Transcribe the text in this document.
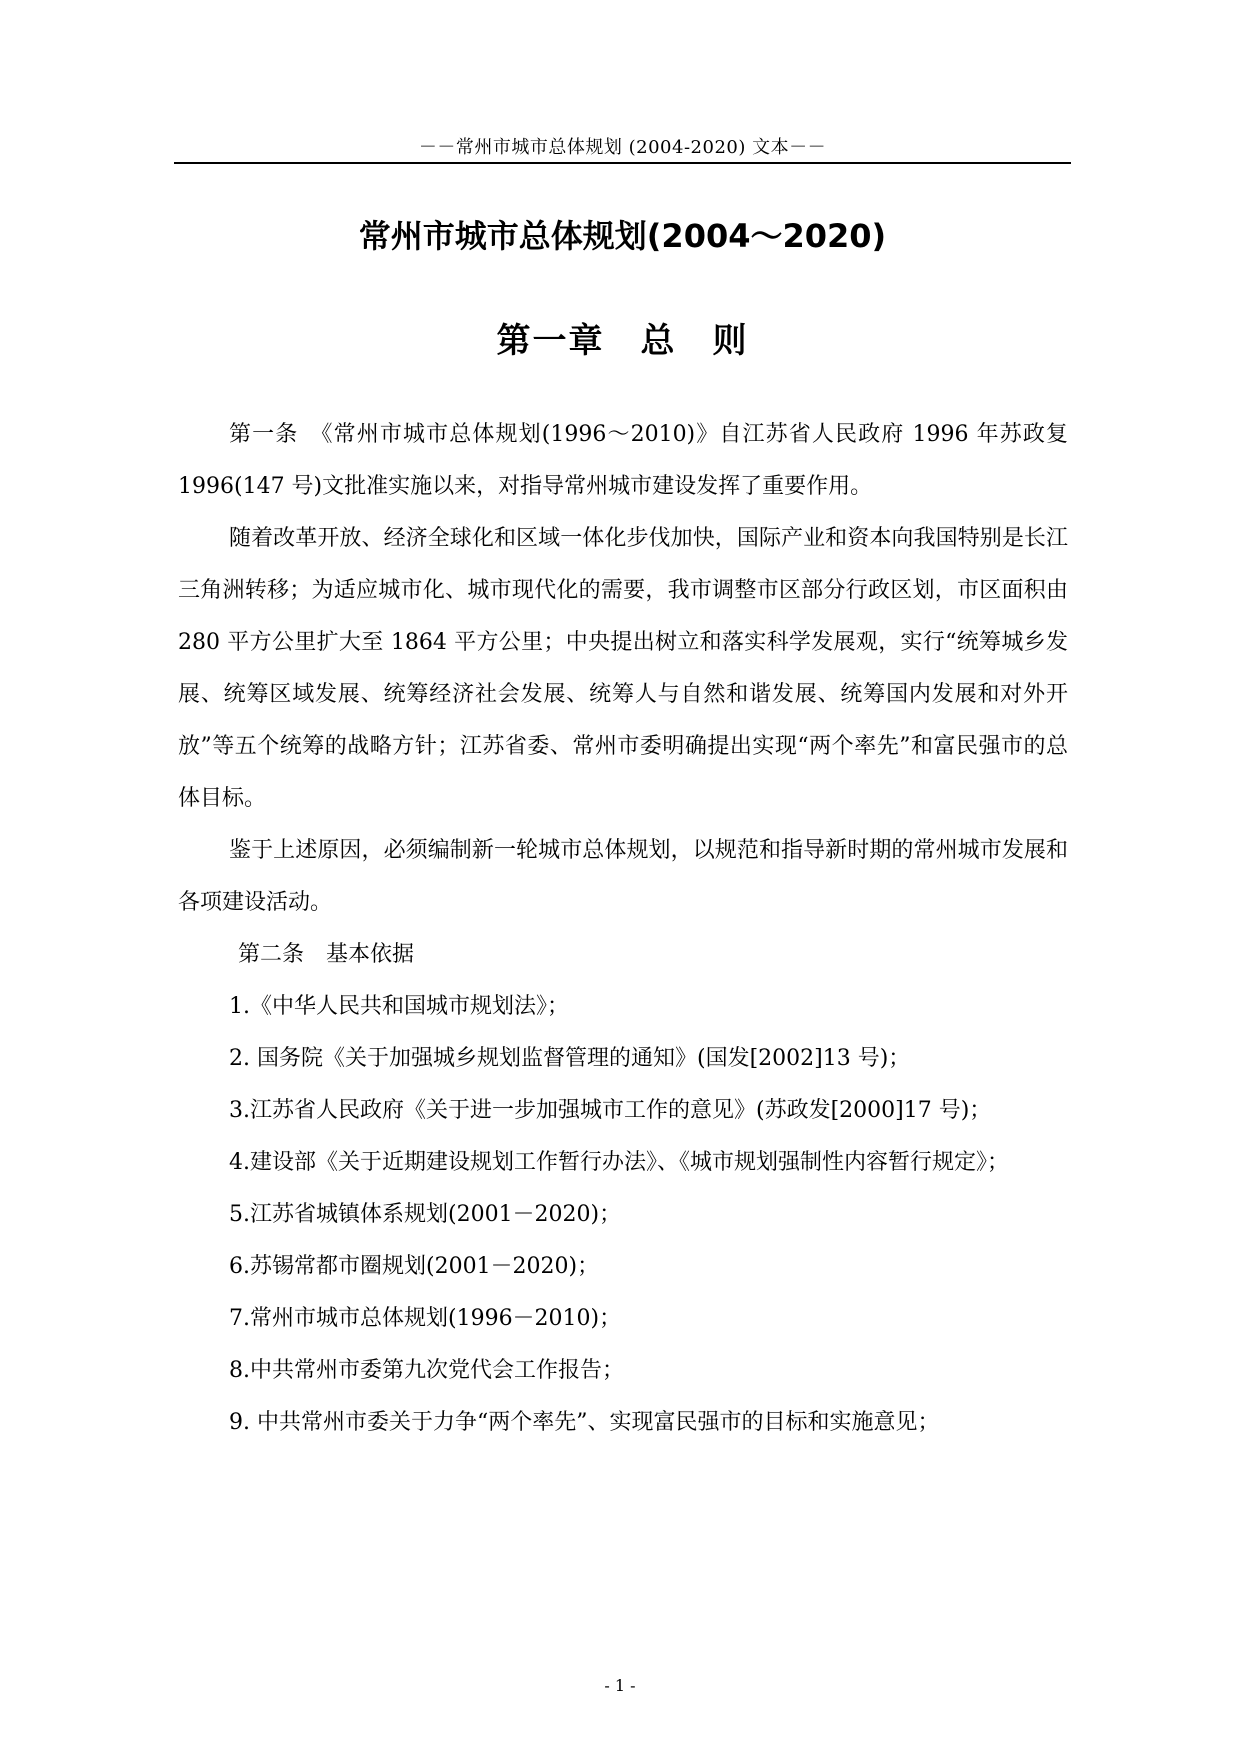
－－常州市城市总体规划 (2004-2020) 文本－－
常州市城市总体规划(2004～2020)
第一章　总　则

第一条　《常州市城市总体规划(1996～2010)》自江苏省人民政府 1996 年苏政复 1996(147 号)文批准实施以来，对指导常州城市建设发挥了重要作用。

随着改革开放、经济全球化和区域一体化步伐加快，国际产业和资本向我国特别是长江三角洲转移；为适应城市化、城市现代化的需要，我市调整市区部分行政区划，市区面积由 280 平方公里扩大至 1864 平方公里；中央提出树立和落实科学发展观，实行“统筹城乡发展、统筹区域发展、统筹经济社会发展、统筹人与自然和谐发展、统筹国内发展和对外开放”等五个统筹的战略方针；江苏省委、常州市委明确提出实现“两个率先”和富民强市的总体目标。

鉴于上述原因，必须编制新一轮城市总体规划，以规范和指导新时期的常州城市发展和各项建设活动。

第二条　基本依据

1.《中华人民共和国城市规划法》；

2. 国务院《关于加强城乡规划监督管理的通知》(国发[2002]13 号)；

3.江苏省人民政府《关于进一步加强城市工作的意见》(苏政发[2000]17 号)；

4.建设部《关于近期建设规划工作暂行办法》、《城市规划强制性内容暂行规定》；

5.江苏省城镇体系规划(2001－2020)；

6.苏锡常都市圈规划(2001－2020)；

7.常州市城市总体规划(1996－2010)；

8.中共常州市委第九次党代会工作报告；

9. 中共常州市委关于力争“两个率先”、实现富民强市的目标和实施意见；

- 1 -
